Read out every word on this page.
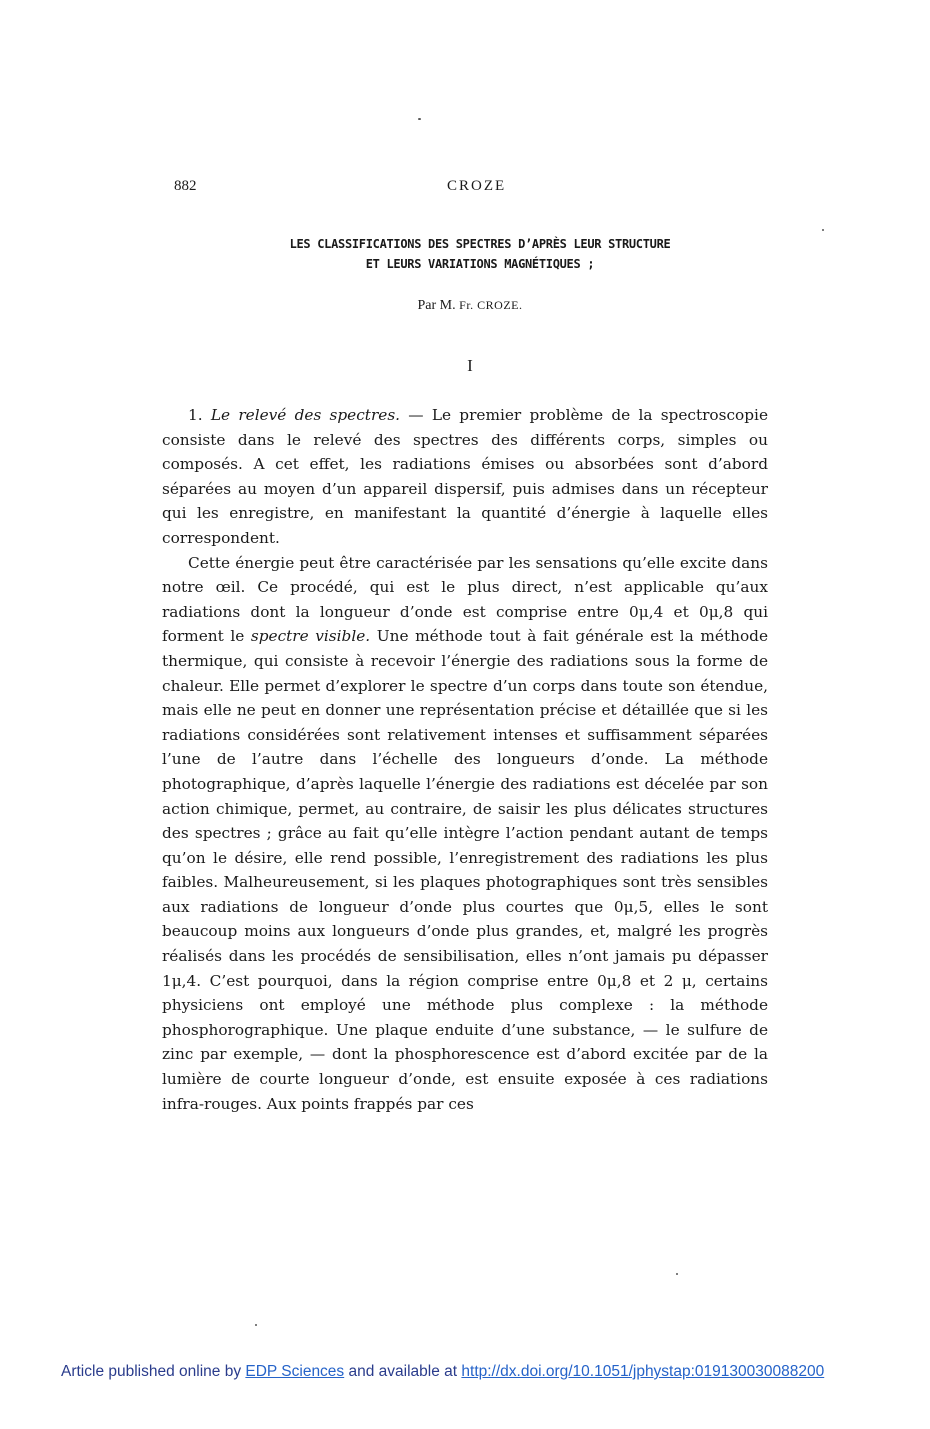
882	CROZE
LES CLASSIFICATIONS DES SPECTRES D’APRÈS LEUR STRUCTURE
ET LEURS VARIATIONS MAGNÉTIQUES ;
Par M. Fr. CROZE.
I

1. Le relevé des spectres. — Le premier problème de la spectroscopie consiste dans le relevé des spectres des différents corps, simples ou composés. A cet effet, les radiations émises ou absorbées sont d’abord séparées au moyen d’un appareil dispersif, puis admises dans un récepteur qui les enregistre, en manifestant la quantité d’énergie à laquelle elles correspondent.

Cette énergie peut être caractérisée par les sensations qu’elle excite dans notre œil. Ce procédé, qui est le plus direct, n’est applicable qu’aux radiations dont la longueur d’onde est comprise entre 0μ,4 et 0μ,8 qui forment le spectre visible. Une méthode tout à fait générale est la méthode thermique, qui consiste à recevoir l’énergie des radiations sous la forme de chaleur. Elle permet d’explorer le spectre d’un corps dans toute son étendue, mais elle ne peut en donner une représentation précise et détaillée que si les radiations considérées sont relativement intenses et suffisamment séparées l’une de l’autre dans l’échelle des longueurs d’onde. La méthode photographique, d’après laquelle l’énergie des radiations est décelée par son action chimique, permet, au contraire, de saisir les plus délicates structures des spectres ; grâce au fait qu’elle intègre l’action pendant autant de temps qu’on le désire, elle rend possible, l’enregistrement des radiations les plus faibles. Malheureusement, si les plaques photographiques sont très sensibles aux radiations de longueur d’onde plus courtes que 0μ,5, elles le sont beaucoup moins aux longueurs d’onde plus grandes, et, malgré les progrès réalisés dans les procédés de sensibilisation, elles n’ont jamais pu dépasser 1μ,4. C’est pourquoi, dans la région comprise entre 0μ,8 et 2 μ, certains physiciens ont employé une méthode plus complexe : la méthode phosphorographique. Une plaque enduite d’une substance, — le sulfure de zinc par exemple, — dont la phosphorescence est d’abord excitée par de la lumière de courte longueur d’onde, est ensuite exposée à ces radiations infra-rouges. Aux points frappés par ces

Article published online by EDP Sciences and available at http://dx.doi.org/10.1051/jphystap:019130030088200
